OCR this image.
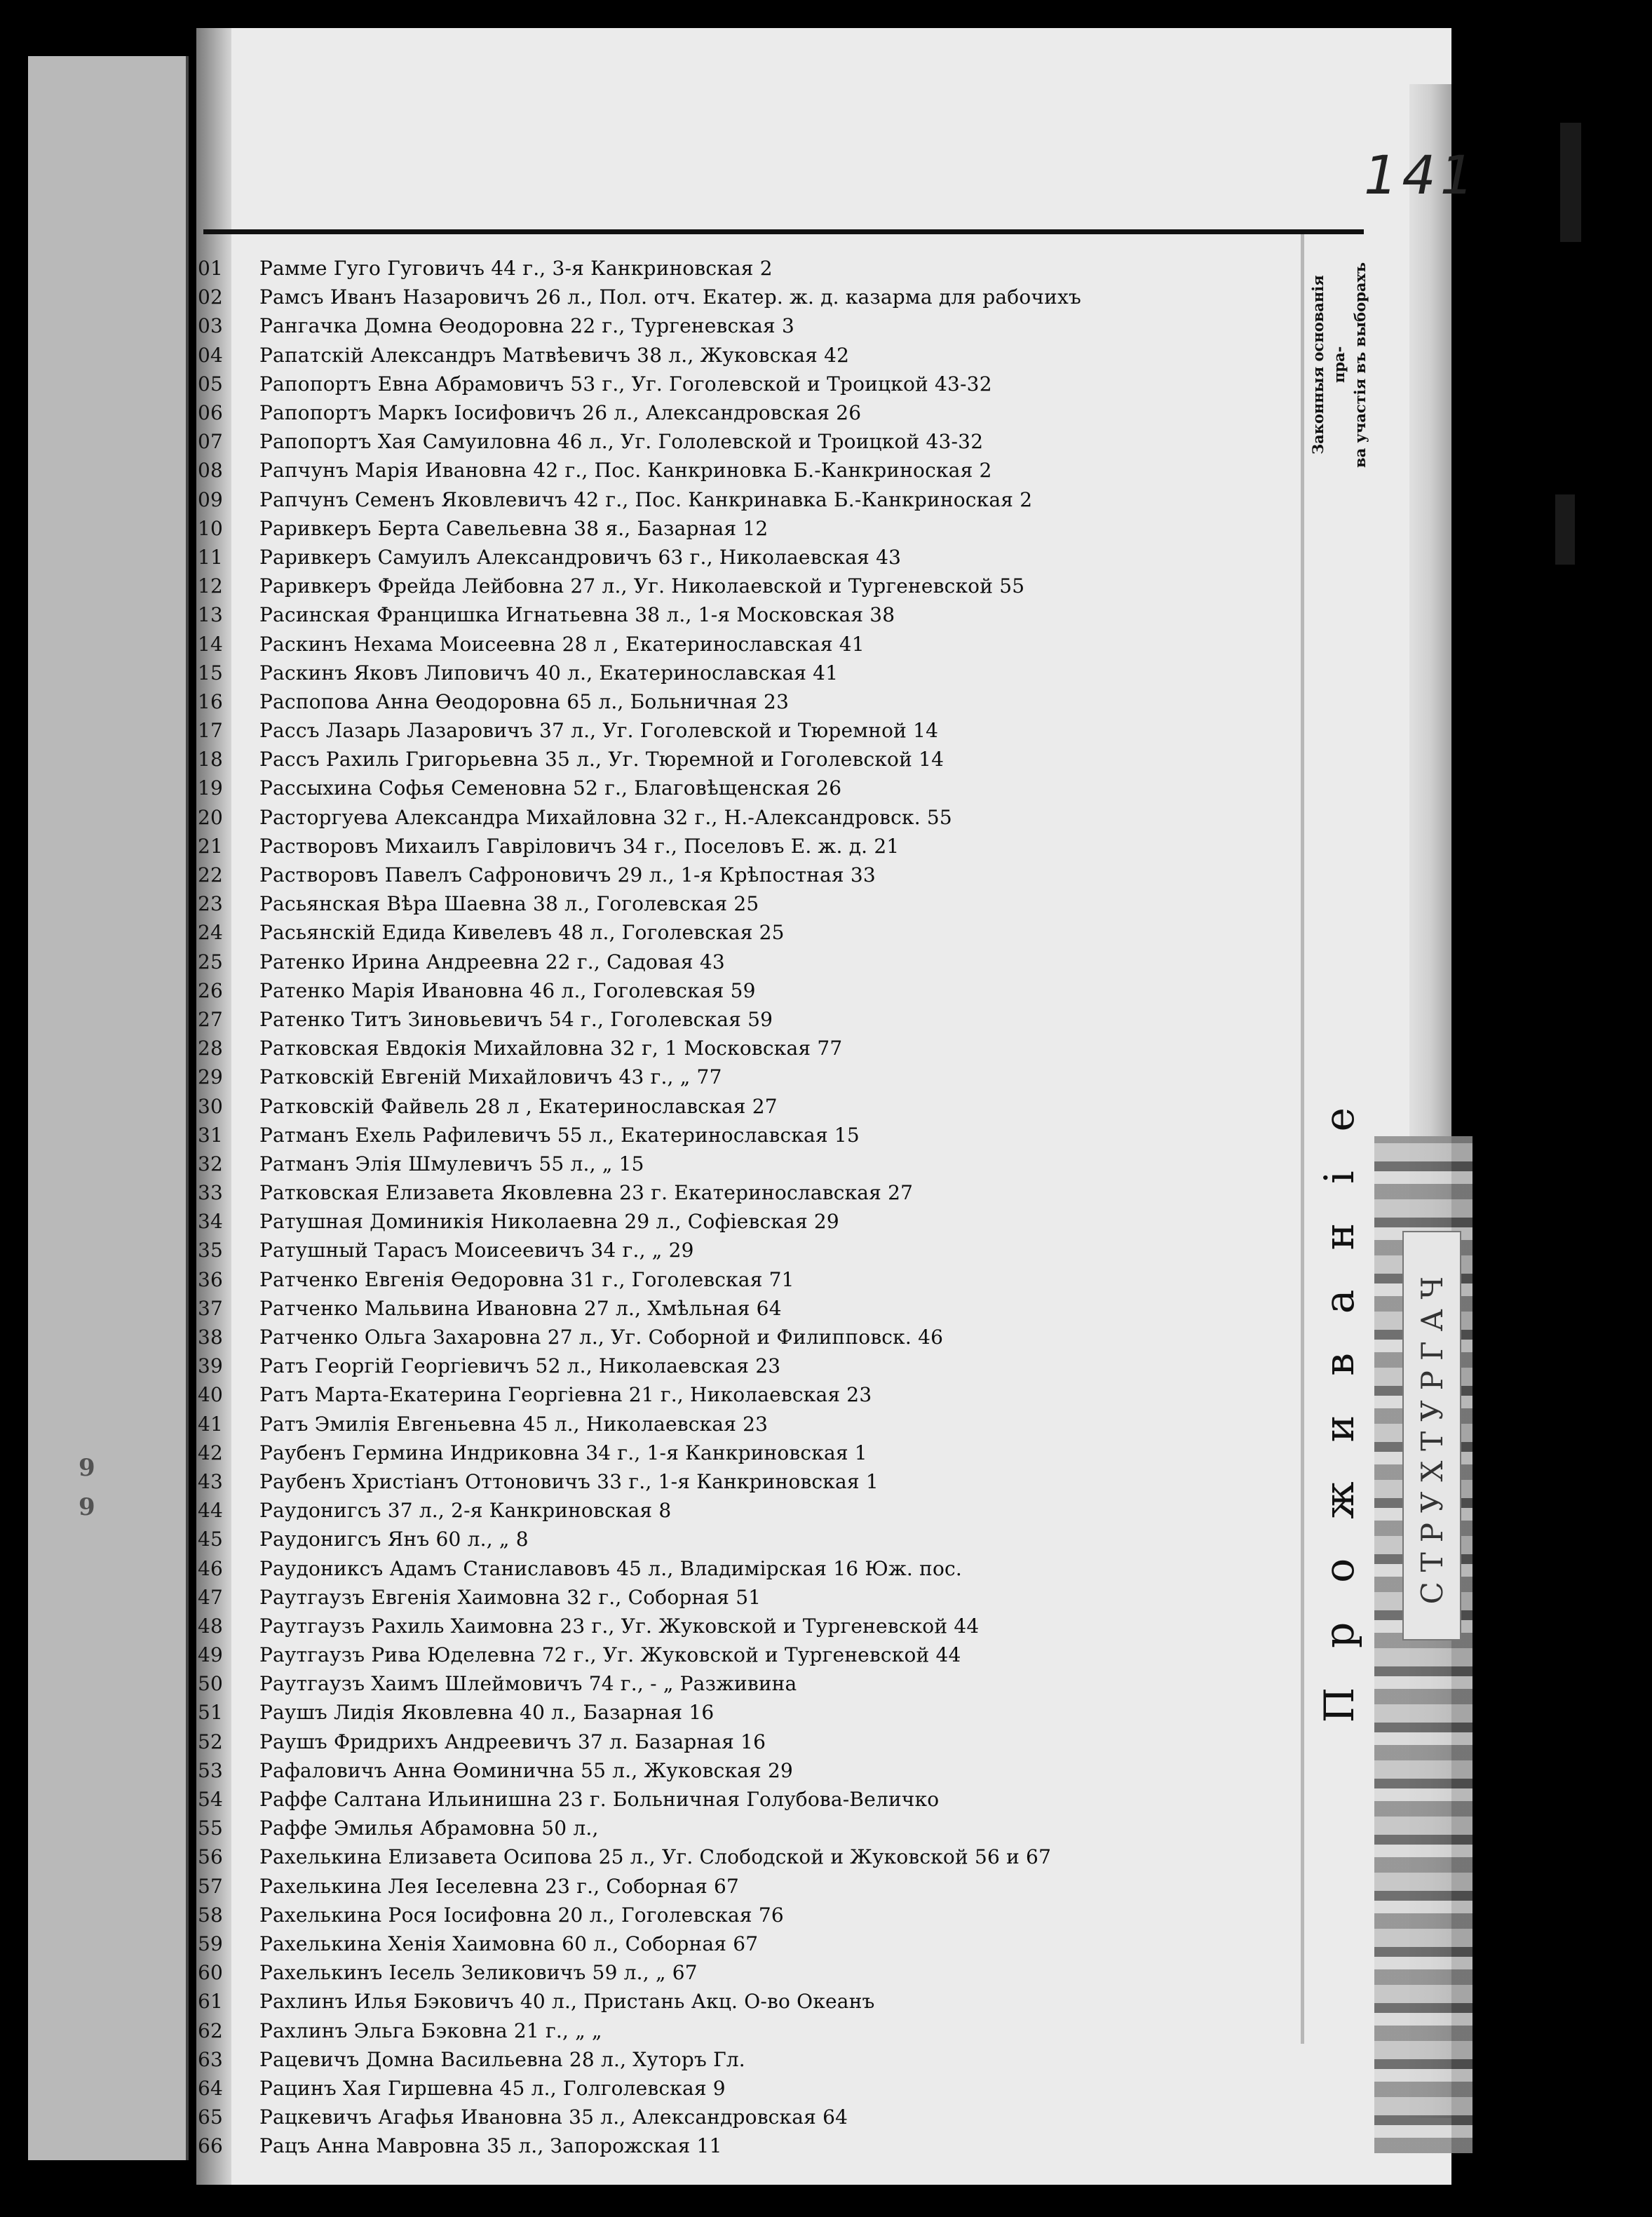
9
9
141
01	Рамме Гуго Гуговичъ 44 г., 3-я Канкриновская 2
02	Рамсъ Иванъ Назаровичъ 26 л., Пол. отч. Екатер. ж. д. казарма для рабочихъ
03	Рангачка Домна Өеодоровна 22 г., Тургеневская 3
04	Рапатскій Александръ Матвѣевичъ 38 л., Жуковская 42
05	Рапопортъ Евна Абрамовичъ 53 г., Уг. Гоголевской и Троицкой 43-32
06	Рапопортъ Маркъ Іосифовичъ 26 л., Александровская 26
07	Рапопортъ Хая Самуиловна 46 л., Уг. Гололевской и Троицкой 43-32
08	Рапчунъ Марія Ивановна 42 г., Пос. Канкриновка Б.-Канкриноская 2
09	Рапчунъ Семенъ Яковлевичъ 42 г., Пос. Канкринавка Б.-Канкриноская 2
10	Раривкеръ Берта Савельевна 38 я., Базарная 12
11	Раривкеръ Самуилъ Александровичъ 63 г., Николаевская 43
12	Раривкеръ Фрейда Лейбовна 27 л., Уг. Николаевской и Тургеневской 55
13	Расинская Францишка Игнатьевна 38 л., 1-я Московская 38
14	Раскинъ Нехама Моисеевна 28 л , Екатеринославская 41
15	Раскинъ Яковъ Липовичъ 40 л., Екатеринославская 41
16	Распопова Анна Өеодоровна 65 л., Больничная 23
17	Рассъ Лазарь Лазаровичъ 37 л., Уг. Гоголевской и Тюремной 14
18	Рассъ Рахиль Григорьевна 35 л., Уг. Тюремной и Гоголевской 14
19	Рассыхина Софья Семеновна 52 г., Благовѣщенская 26
20	Расторгуева Александра Михайловна 32 г., Н.-Александровск. 55
21	Растворовъ Михаилъ Гавріловичъ 34 г., Поселовъ Е. ж. д. 21
22	Растворовъ Павелъ Сафроновичъ 29 л., 1-я Крѣпостная 33
23	Расьянская Вѣра Шаевна 38 л., Гоголевская 25
24	Расьянскій Едида Кивелевъ 48 л., Гоголевская 25
25	Ратенко Ирина Андреевна 22 г., Садовая 43
26	Ратенко Марія Ивановна 46 л., Гоголевская 59
27	Ратенко Титъ Зиновьевичъ 54 г., Гоголевская 59
28	Ратковская Евдокія Михайловна 32 г, 1 Московская 77
29	Ратковскій Евгеній Михайловичъ 43 г., „ 77
30	Ратковскій Файвель 28 л , Екатеринославская 27
31	Ратманъ Ехель Рафилевичъ 55 л., Екатеринославская 15
32	Ратманъ Элія Шмулевичъ 55 л., „ 15
33	Ратковская Елизавета Яковлевна 23 г. Екатеринославская 27
34	Ратушная Доминикія Николаевна 29 л., Софіевская 29
35	Ратушный Тарасъ Моисеевичъ 34 г., „ 29
36	Ратченко Евгенія Өедоровна 31 г., Гоголевская 71
37	Ратченко Мальвина Ивановна 27 л., Хмѣльная 64
38	Ратченко Ольга Захаровна 27 л., Уг. Соборной и Филипповск. 46
39	Ратъ Георгій Георгіевичъ 52 л., Николаевская 23
40	Ратъ Марта-Екатерина Георгіевна 21 г., Николаевская 23
41	Ратъ Эмилія Евгеньевна 45 л., Николаевская 23
42	Раубенъ Гермина Индриковна 34 г., 1-я Канкриновская 1
43	Раубенъ Христіанъ Оттоновичъ 33 г., 1-я Канкриновская 1
44	Раудонигсъ 37 л., 2-я Канкриновская 8
45	Раудонигсъ Янъ 60 л., „ 8
46	Раудониксъ Адамъ Станиславовъ 45 л., Владимірская 16 Юж. пос.
47	Раутгаузъ Евгенія Хаимовна 32 г., Соборная 51
48	Раутгаузъ Рахиль Хаимовна 23 г., Уг. Жуковской и Тургеневской 44
49	Раутгаузъ Рива Юделевна 72 г., Уг. Жуковской и Тургеневской 44
50	Раутгаузъ Хаимъ Шлеймовичъ 74 г., - „ Разживина
51	Раушъ Лидія Яковлевна 40 л., Базарная 16
52	Раушъ Фридрихъ Андреевичъ 37 л. Базарная 16
53	Рафаловичъ Анна Өоминична 55 л., Жуковская 29
54	Раффе Салтана Ильинишна 23 г. Больничная Голубова-Величко
55	Раффе Эмилья Абрамовна 50 л.,
56	Рахелькина Елизавета Осипова 25 л., Уг. Слободской и Жуковской 56 и 67
57	Рахелькина Лея Іеселевна 23 г., Соборная 67
58	Рахелькина Рося Іосифовна 20 л., Гоголевская 76
59	Рахелькина Хенія Хаимовна 60 л., Соборная 67
60	Рахелькинъ Іесель Зеликовичъ 59 л., „ 67
61	Рахлинъ Илья Бэковичъ 40 л., Пристань Акц. О-во Океанъ
62	Рахлинъ Эльга Бэковна 21 г., „ „
63	Рацевичъ Домна Васильевна 28 л., Хуторъ Гл.
64	Рацинъ Хая Гиршевна 45 л., Голголевская 9
65	Рацкевичъ Агафья Ивановна 35 л., Александровская 64
66	Рацъ Анна Мавровна 35 л., Запорожская 11
Законныя основанія пра-
ва участія въ выборахъ
Проживаніе СТРУХТУРГАЧ
